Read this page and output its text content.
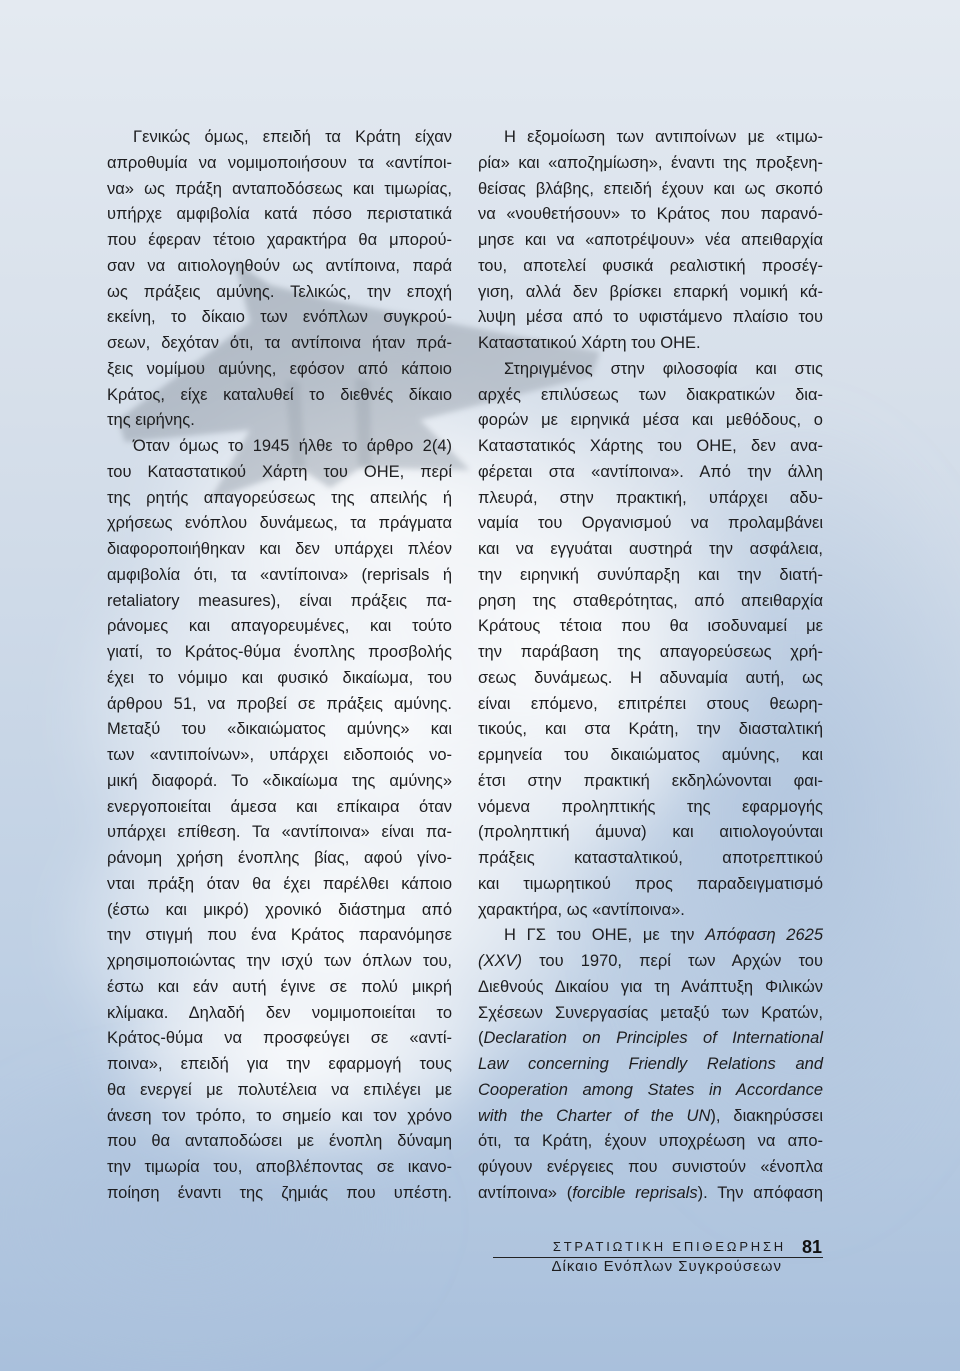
Γενικώς όμως, επειδή τα Κράτη είχαν
απροθυμία να νομιμοποιήσουν τα «αντίποι-
να» ως πράξη ανταποδόσεως και τιμωρίας,
υπήρχε αμφιβολία κατά πόσο περιστατικά
που έφεραν τέτοιο χαρακτήρα θα μπορού-
σαν να αιτιολογηθούν ως αντίποινα, παρά
ως πράξεις αμύνης. Τελικώς, την εποχή
εκείνη, το δίκαιο των ενόπλων συγκρού-
σεων, δεχόταν ότι, τα αντίποινα ήταν πρά-
ξεις νομίμου αμύνης, εφόσον από κάποιο
Κράτος, είχε καταλυθεί το διεθνές δίκαιο
της ειρήνης.
Όταν όμως το 1945 ήλθε το άρθρο 2(4)
του Καταστατικού Χάρτη του ΟΗΕ, περί
της ρητής απαγορεύσεως της απειλής ή
χρήσεως ενόπλου δυνάμεως, τα πράγματα
διαφοροποιήθηκαν και δεν υπάρχει πλέον
αμφιβολία ότι, τα «αντίποινα» (reprisals ή
retaliatory measures), είναι πράξεις πα-
ράνομες και απαγορευμένες, και τούτο
γιατί, το Κράτος-θύμα ένοπλης προσβολής
έχει το νόμιμο και φυσικό δικαίωμα, του
άρθρου 51, να προβεί σε πράξεις αμύνης.
Μεταξύ του «δικαιώματος αμύνης» και
των «αντιποίνων», υπάρχει ειδοποιός νο-
μική διαφορά. Το «δικαίωμα της αμύνης»
ενεργοποιείται άμεσα και επίκαιρα όταν
υπάρχει επίθεση. Τα «αντίποινα» είναι πα-
ράνομη χρήση ένοπλης βίας, αφού γίνο-
νται πράξη όταν θα έχει παρέλθει κάποιο
(έστω και μικρό) χρονικό διάστημα από
την στιγμή που ένα Κράτος παρανόμησε
χρησιμοποιώντας την ισχύ των όπλων του,
έστω και εάν αυτή έγινε σε πολύ μικρή
κλίμακα. Δηλαδή δεν νομιμοποιείται το
Κράτος-θύμα να προσφεύγει σε «αντί-
ποινα», επειδή για την εφαρμογή τους
θα ενεργεί με πολυτέλεια να επιλέγει με
άνεση τον τρόπο, το σημείο και τον χρόνο
που θα ανταποδώσει με ένοπλη δύναμη
την τιμωρία του, αποβλέποντας σε ικανο-
ποίηση έναντι της ζημιάς που υπέστη.
Η εξομοίωση των αντιποίνων με «τιμω-
ρία» και «αποζημίωση», έναντι της προξενη-
θείσας βλάβης, επειδή έχουν και ως σκοπό
να «νουθετήσουν» το Κράτος που παρανό-
μησε και να «αποτρέψουν» νέα απειθαρχία
του, αποτελεί φυσικά ρεαλιστική προσέγ-
γιση, αλλά δεν βρίσκει επαρκή νομική κά-
λυψη μέσα από το υφιστάμενο πλαίσιο του
Καταστατικού Χάρτη του ΟΗΕ.
Στηριγμένος στην φιλοσοφία και στις
αρχές επιλύσεως των διακρατικών δια-
φορών με ειρηνικά μέσα και μεθόδους, ο
Καταστατικός Χάρτης του ΟΗΕ, δεν ανα-
φέρεται στα «αντίποινα». Από την άλλη
πλευρά, στην πρακτική, υπάρχει αδυ-
ναμία του Οργανισμού να προλαμβάνει
και να εγγυάται αυστηρά την ασφάλεια,
την ειρηνική συνύπαρξη και την διατή-
ρηση της σταθερότητας, από απειθαρχία
Κράτους τέτοια που θα ισοδυναμεί με
την παράβαση της απαγορεύσεως χρή-
σεως δυνάμεως. Η αδυναμία αυτή, ως
είναι επόμενο, επιτρέπει στους θεωρη-
τικούς, και στα Κράτη, την διασταλτική
ερμηνεία του δικαιώματος αμύνης, και
έτσι στην πρακτική εκδηλώνονται φαι-
νόμενα προληπτικής της εφαρμογής
(προληπτική άμυνα) και αιτιολογούνται
πράξεις κατασταλτικού, αποτρεπτικού
και τιμωρητικού προς παραδειγματισμό
χαρακτήρα, ως «αντίποινα».
Η ΓΣ του ΟΗΕ, με την Απόφαση 2625
(XXV) του 1970, περί των Αρχών του
Διεθνούς Δικαίου για τη Ανάπτυξη Φιλικών
Σχέσεων Συνεργασίας μεταξύ των Κρατών,
(Declaration on Principles of International
Law concerning Friendly Relations and
Cooperation among States in Accordance
with the Charter of the UN), διακηρύσσει
ότι, τα Κράτη, έχουν υποχρέωση να απο-
φύγουν ενέργειες που συνιστούν «ένοπλα
αντίποινα» (forcible reprisals). Την απόφαση
ΣΤΡΑΤΙΩΤΙΚΗ ΕΠΙΘΕΩΡΗΣΗ
Δίκαιο Ενόπλων Συγκρούσεων
81
